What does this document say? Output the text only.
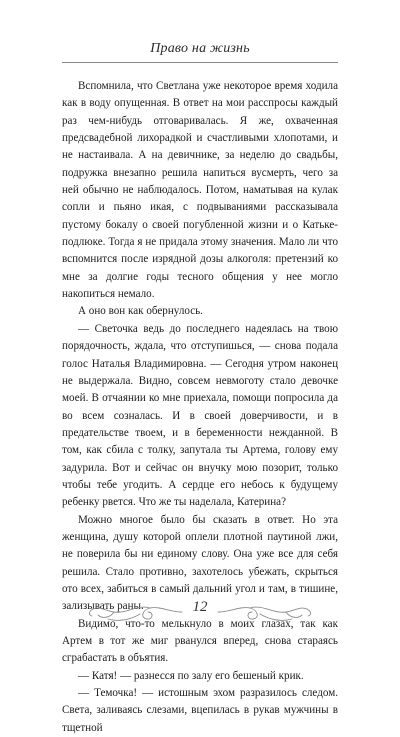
Право на жизнь

Вспомнила, что Светлана уже некоторое время ходила как в воду опущенная. В ответ на мои расспросы каждый раз чем-нибудь отговаривалась. Я же, охваченная предсвадебной лихорадкой и счастливыми хлопотами, и не настаивала. А на девичнике, за неделю до свадьбы, подружка внезапно решила напиться вусмерть, чего за ней обычно не наблюдалось. Потом, наматывая на кулак сопли и пьяно икая, с подвываниями рассказывала пустому бокалу о своей погубленной жизни и о Катьке-подлюке. Тогда я не придала этому значения. Мало ли что вспомнится после изрядной дозы алкоголя: претензий ко мне за долгие годы тесного общения у нее могло накопиться немало.

А оно вон как обернулось.

— Светочка ведь до последнего надеялась на твою порядочность, ждала, что отступишься, — снова подала голос Наталья Владимировна. — Сегодня утром наконец не выдержала. Видно, совсем невмоготу стало девочке моей. В отчаянии ко мне приехала, помощи попросила да во всем созналась. И в своей доверчивости, и в предательстве твоем, и в беременности нежданной. В том, как сбила с толку, запутала ты Артема, голову ему задурила. Вот и сейчас он внучку мою позорит, только чтобы тебе угодить. А сердце его небось к будущему ребенку рвется. Что же ты наделала, Катерина?

Можно многое было бы сказать в ответ. Но эта женщина, душу которой оплели плотной паутиной лжи, не поверила бы ни единому слову. Она уже все для себя решила. Стало противно, захотелось убежать, скрыться ото всех, забиться в самый дальний угол и там, в тишине, зализывать раны.

Видимо, что-то мелькнуло в моих глазах, так как Артем в тот же миг рванулся вперед, снова стараясь сграбастать в объятия.

— Катя! — разнесся по залу его бешеный крик.

— Темочка! — истошным эхом разразилось следом. Света, заливаясь слезами, вцепилась в рукав мужчины в тщетной

12
